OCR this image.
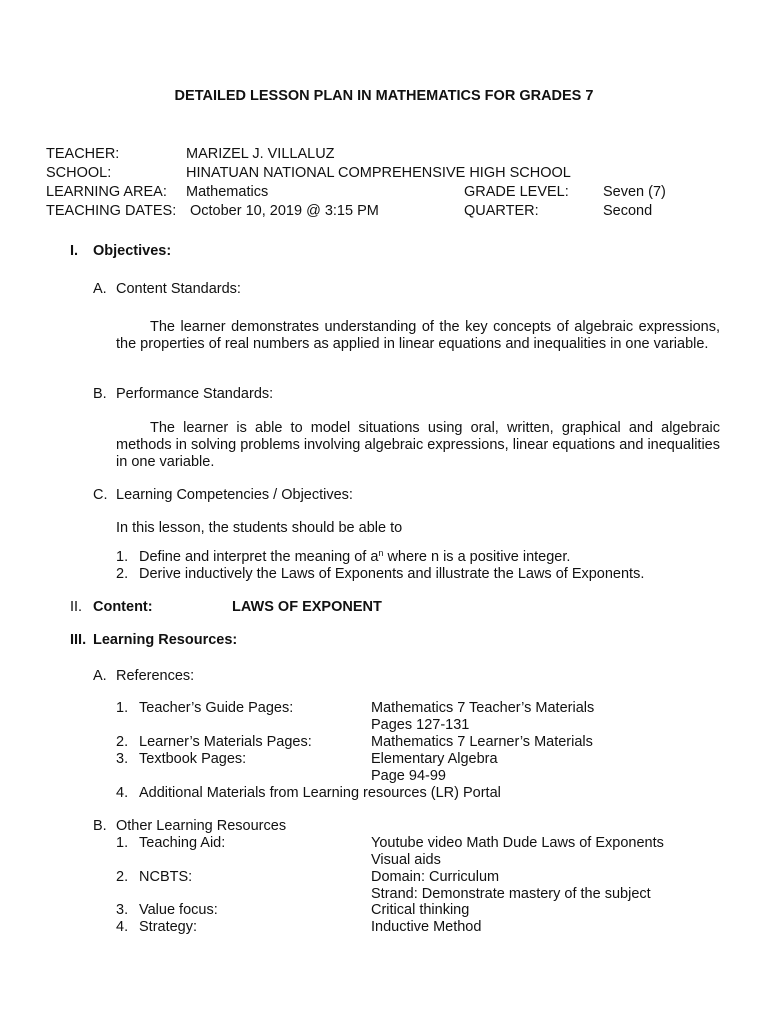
DETAILED LESSON PLAN IN MATHEMATICS FOR GRADES 7
TEACHER:	MARIZEL J. VILLALUZ
SCHOOL:	HINATUAN NATIONAL COMPREHENSIVE HIGH SCHOOL
LEARNING AREA: Mathematics	GRADE LEVEL: Seven (7)
TEACHING DATES: October 10, 2019 @ 3:15 PM	QUARTER:	Second
I. Objectives:
A. Content Standards:
The learner demonstrates understanding of the key concepts of algebraic expressions, the properties of real numbers as applied in linear equations and inequalities in one variable.
B. Performance Standards:
The learner is able to model situations using oral, written, graphical and algebraic methods in solving problems involving algebraic expressions, linear equations and inequalities in one variable.
C. Learning Competencies / Objectives:
In this lesson, the students should be able to
1. Define and interpret the meaning of $a^n$ where n is a positive integer.
2. Derive inductively the Laws of Exponents and illustrate the Laws of Exponents.
II. Content:	LAWS OF EXPONENT
III. Learning Resources:
A. References:
1. Teacher’s Guide Pages:	Mathematics 7 Teacher’s Materials
Pages 127-131
2. Learner’s Materials Pages:	Mathematics 7 Learner’s Materials
3. Textbook Pages:	Elementary Algebra
Page 94-99
4. Additional Materials from Learning resources (LR) Portal
B. Other Learning Resources
1. Teaching Aid:	Youtube video Math Dude Laws of Exponents
Visual aids
2. NCBTS:	Domain: Curriculum
Strand: Demonstrate mastery of the subject
3. Value focus:	Critical thinking
4. Strategy:	Inductive Method
